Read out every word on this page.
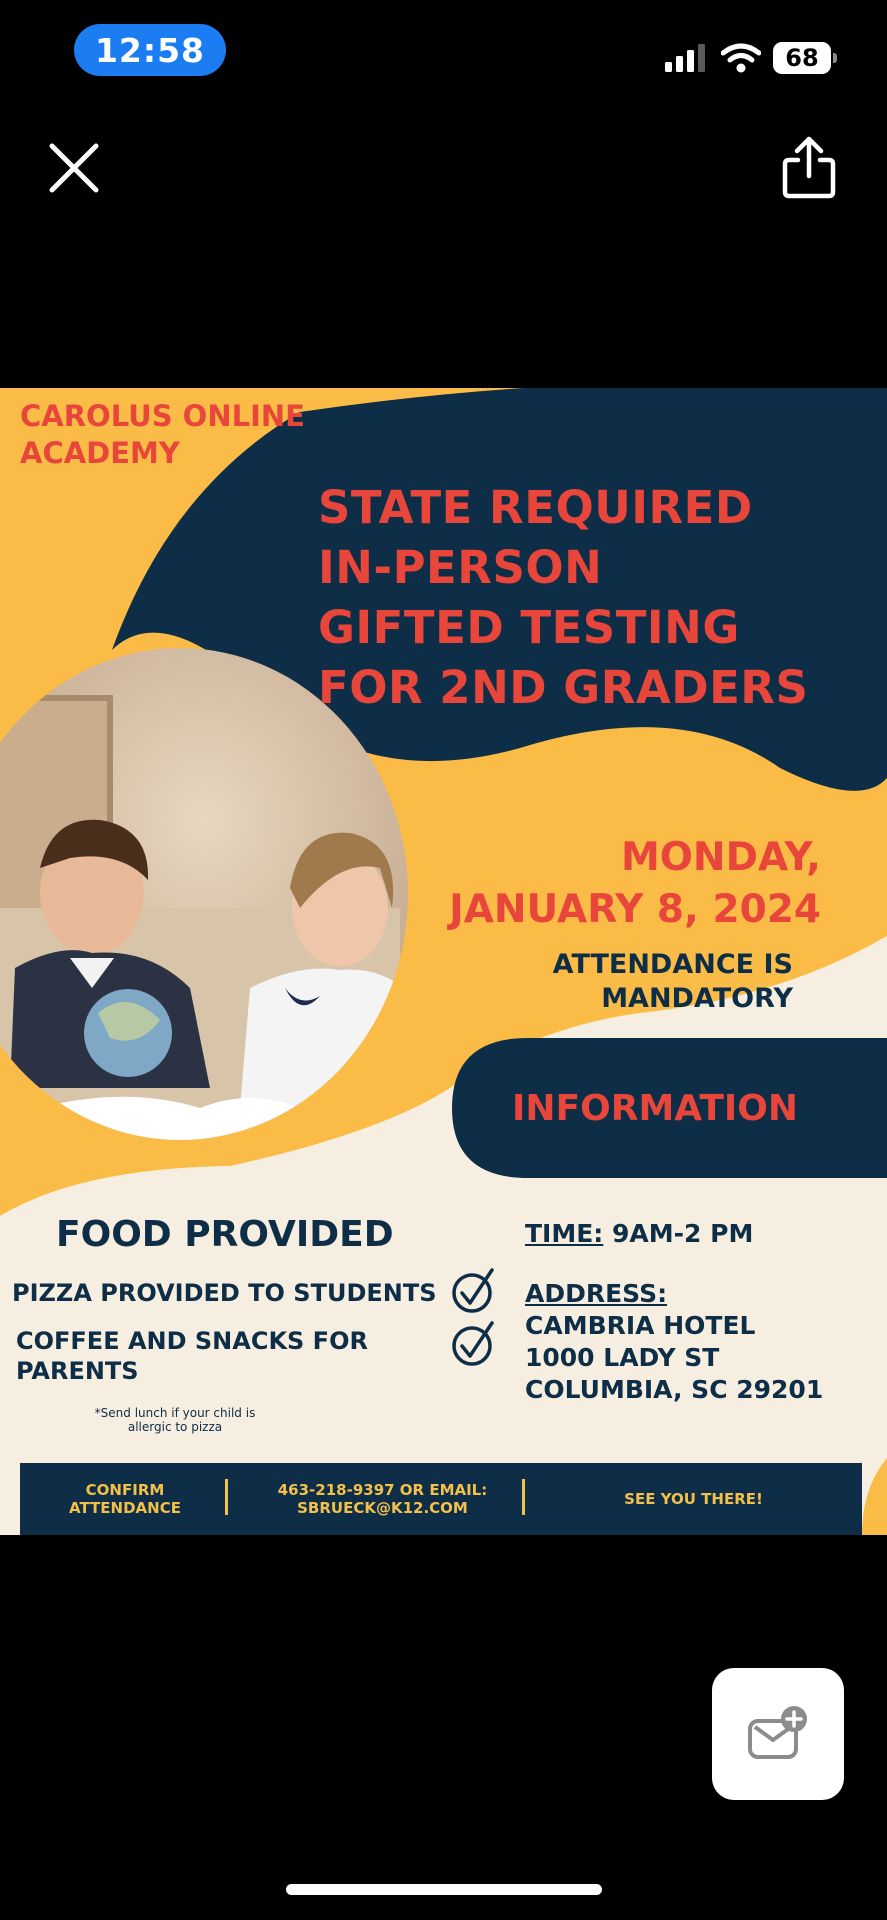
12:58	68
CAROLUS ONLINE
ACADEMY
STATE REQUIRED
IN-PERSON
GIFTED TESTING
FOR 2ND GRADERS
MONDAY,
JANUARY 8, 2024
ATTENDANCE IS
MANDATORY
INFORMATION
FOOD PROVIDED
PIZZA PROVIDED TO STUDENTS
COFFEE AND SNACKS FOR PARENTS
*Send lunch if your child is allergic to pizza
TIME: 9AM-2 PM
ADDRESS:
CAMBRIA HOTEL
1000 LADY ST
COLUMBIA, SC 29201
CONFIRM
ATTENDANCE
463-218-9397 OR EMAIL:
SBRUECK@K12.COM	SEE YOU THERE!
